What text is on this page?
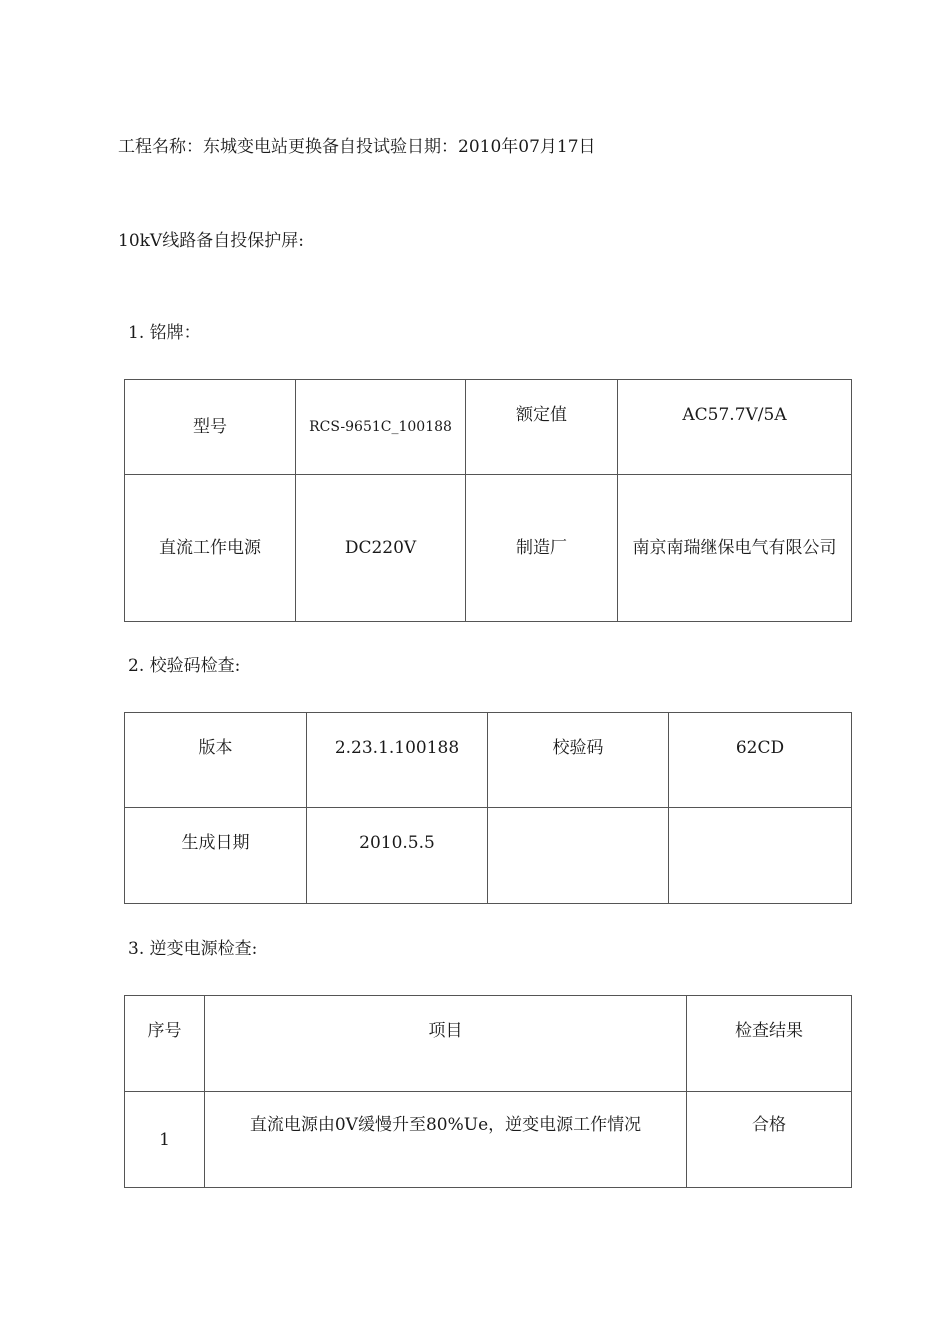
工程名称：东城变电站更换备自投试验日期：2010年07月17日
10kV线路备自投保护屏:
1. 铭牌：
型号	RCS-9651C_100188	额定值	AC57.7V/5A
直流工作电源	DC220V	制造厂	南京南瑞继保电气有限公司
2. 校验码检查:
版本	2.23.1.100188	校验码	62CD
生成日期	2010.5.5		
3. 逆变电源检查:
序号	项目	检查结果
1	直流电源由0V缓慢升至80%Ue，逆变电源工作情况	合格
